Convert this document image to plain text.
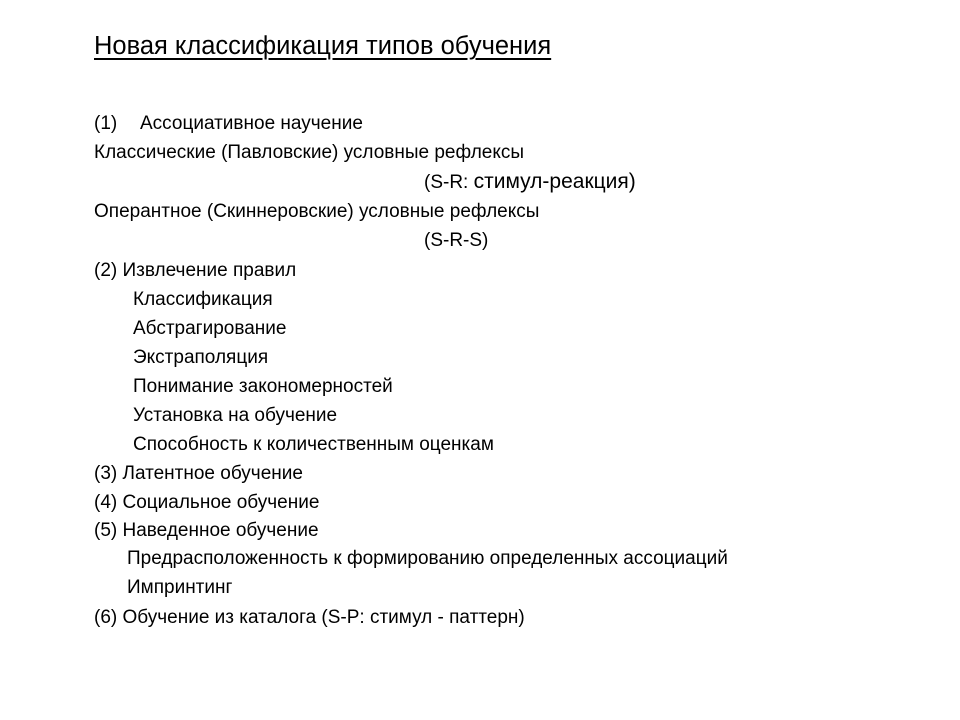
Новая классификация типов обучения
(1) Ассоциативное научение
Классические (Павловские) условные рефлексы
(S-R: стимул-реакция)
Оперантное (Скиннеровские) условные рефлексы
(S-R-S)
(2) Извлечение правил
Классификация
Абстрагирование
Экстраполяция
Понимание закономерностей
Установка на обучение
Способность к количественным оценкам
(3) Латентное обучение
(4) Социальное обучение
(5) Наведенное обучение
Предрасположенность к формированию определенных ассоциаций
Импринтинг
(6) Обучение из каталога (S-P: стимул - паттерн)
